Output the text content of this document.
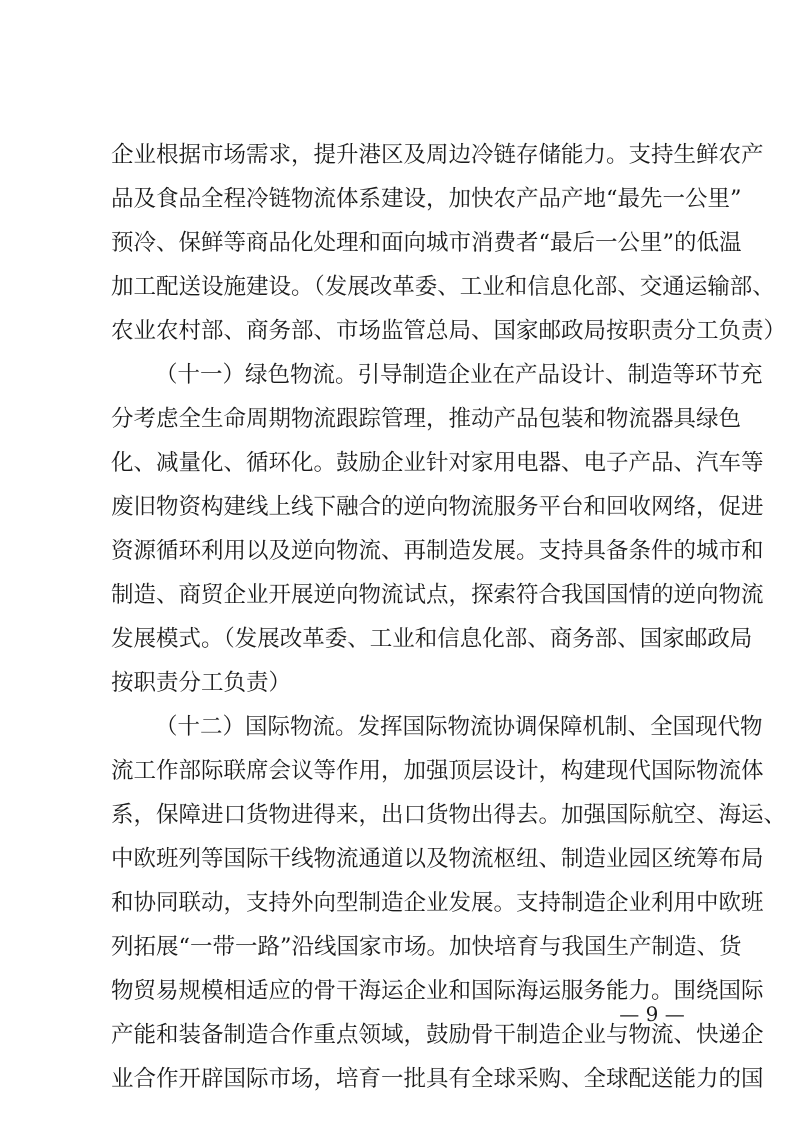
企业根据市场需求，提升港区及周边冷链存储能力。支持生鲜农产
品及食品全程冷链物流体系建设，加快农产品产地“最先一公里”
预冷、保鲜等商品化处理和面向城市消费者“最后一公里”的低温
加工配送设施建设。（发展改革委、工业和信息化部、交通运输部、
农业农村部、商务部、市场监管总局、国家邮政局按职责分工负责）
（十一）绿色物流。引导制造企业在产品设计、制造等环节充
分考虑全生命周期物流跟踪管理，推动产品包装和物流器具绿色
化、减量化、循环化。鼓励企业针对家用电器、电子产品、汽车等
废旧物资构建线上线下融合的逆向物流服务平台和回收网络，促进
资源循环利用以及逆向物流、再制造发展。支持具备条件的城市和
制造、商贸企业开展逆向物流试点，探索符合我国国情的逆向物流
发展模式。（发展改革委、工业和信息化部、商务部、国家邮政局
按职责分工负责）
（十二）国际物流。发挥国际物流协调保障机制、全国现代物
流工作部际联席会议等作用，加强顶层设计，构建现代国际物流体
系，保障进口货物进得来，出口货物出得去。加强国际航空、海运、
中欧班列等国际干线物流通道以及物流枢纽、制造业园区统筹布局
和协同联动，支持外向型制造企业发展。支持制造企业利用中欧班
列拓展“一带一路”沿线国家市场。加快培育与我国生产制造、货
物贸易规模相适应的骨干海运企业和国际海运服务能力。围绕国际
产能和装备制造合作重点领域，鼓励骨干制造企业与物流、快递企
业合作开辟国际市场，培育一批具有全球采购、全球配送能力的国
— 9 —
